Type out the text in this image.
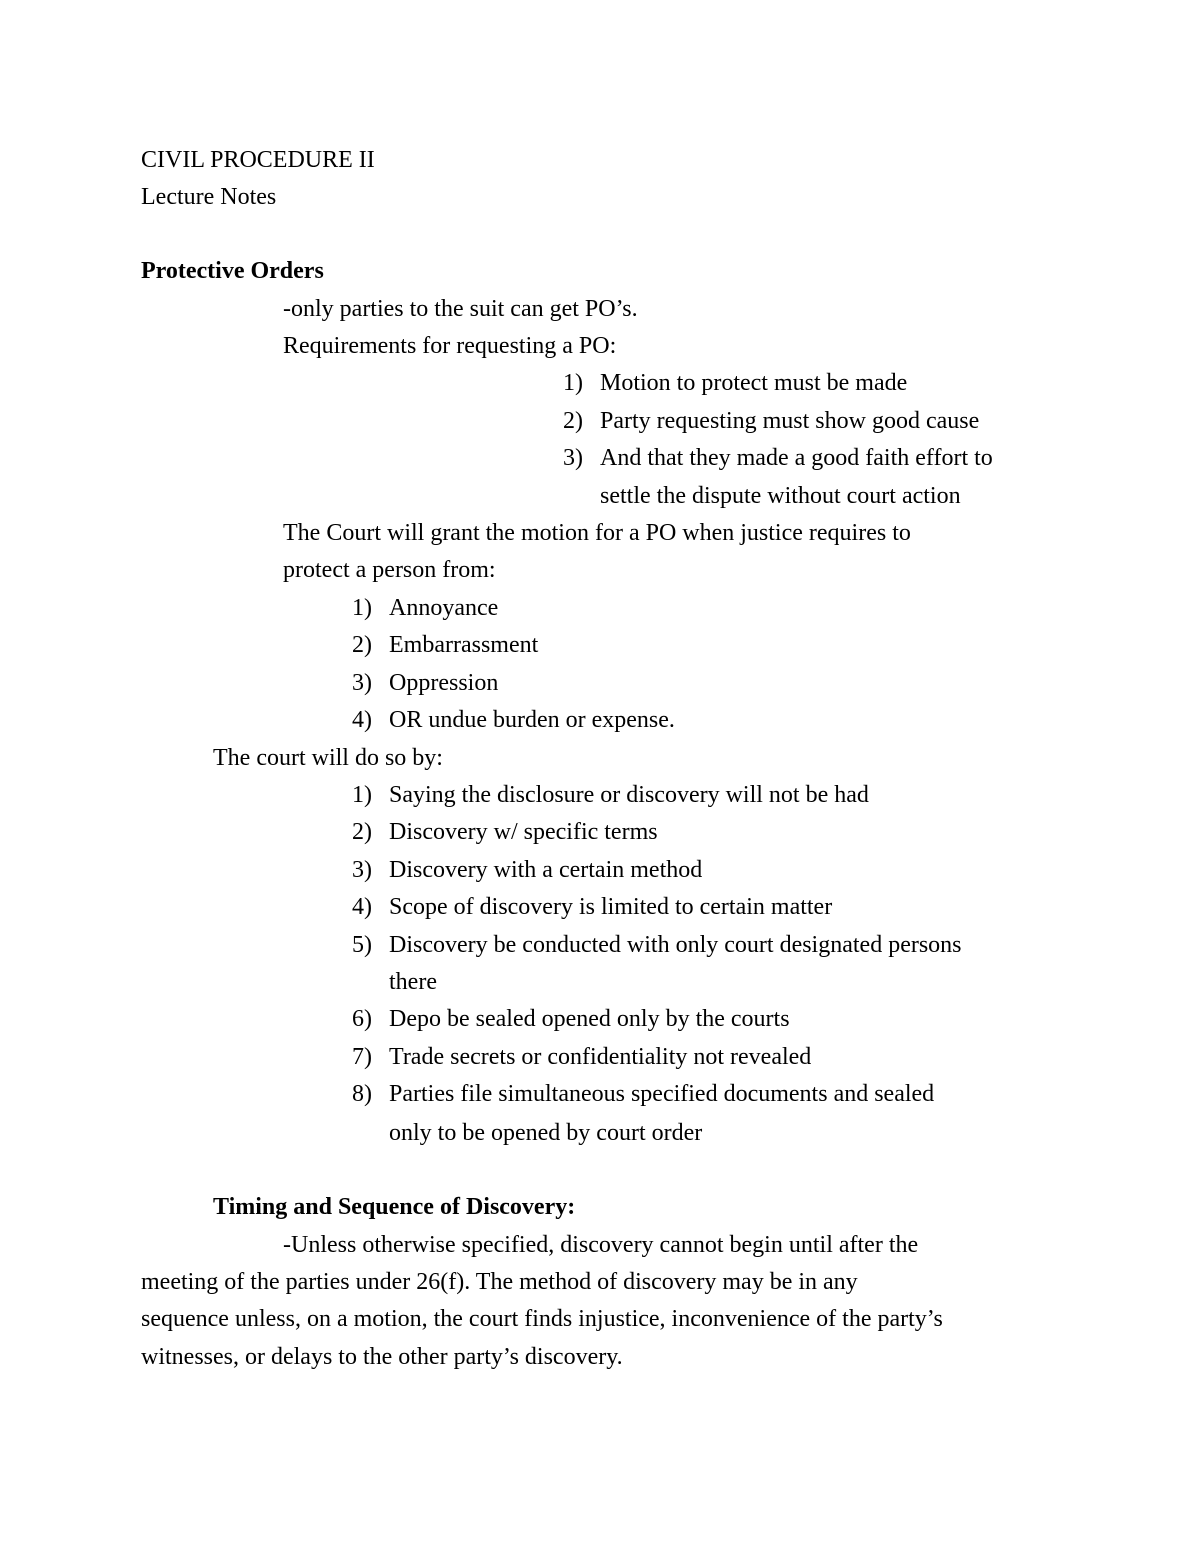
CIVIL PROCEDURE II
Lecture Notes
Protective Orders
-only parties to the suit can get PO’s.
Requirements for requesting a PO:
1) Motion to protect must be made
2) Party requesting must show good cause
3) And that they made a good faith effort to
settle the dispute without court action
The Court will grant the motion for a PO when justice requires to
protect a person from:
1) Annoyance
2) Embarrassment
3) Oppression
4) OR undue burden or expense.
The court will do so by:
1) Saying the disclosure or discovery will not be had
2) Discovery w/ specific terms
3) Discovery with a certain method
4) Scope of discovery is limited to certain matter
5) Discovery be conducted with only court designated persons
there
6) Depo be sealed opened only by the courts
7) Trade secrets or confidentiality not revealed
8) Parties file simultaneous specified documents and sealed
only to be opened by court order
Timing and Sequence of Discovery:
-Unless otherwise specified, discovery cannot begin until after the
meeting of the parties under 26(f). The method of discovery may be in any
sequence unless, on a motion, the court finds injustice, inconvenience of the party’s
witnesses, or delays to the other party’s discovery.
